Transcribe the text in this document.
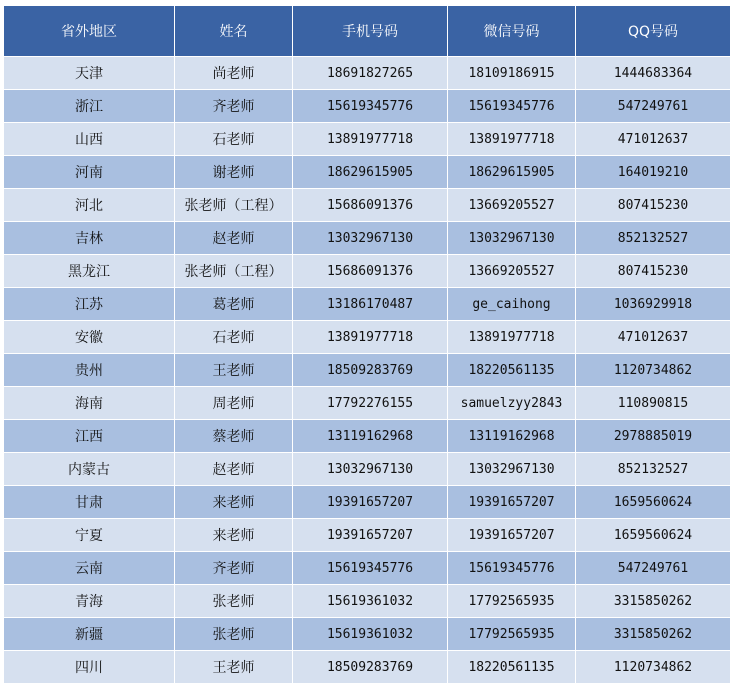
省外地区	姓名	手机号码	微信号码	QQ号码
天津	尚老师	18691827265	18109186915	1444683364
浙江	齐老师	15619345776	15619345776	547249761
山西	石老师	13891977718	13891977718	471012637
河南	谢老师	18629615905	18629615905	164019210
河北	张老师（工程）	15686091376	13669205527	807415230
吉林	赵老师	13032967130	13032967130	852132527
黑龙江	张老师（工程）	15686091376	13669205527	807415230
江苏	葛老师	13186170487	ge_caihong	1036929918
安徽	石老师	13891977718	13891977718	471012637
贵州	王老师	18509283769	18220561135	1120734862
海南	周老师	17792276155	samuelzyy2843	110890815
江西	蔡老师	13119162968	13119162968	2978885019
内蒙古	赵老师	13032967130	13032967130	852132527
甘肃	来老师	19391657207	19391657207	1659560624
宁夏	来老师	19391657207	19391657207	1659560624
云南	齐老师	15619345776	15619345776	547249761
青海	张老师	15619361032	17792565935	3315850262
新疆	张老师	15619361032	17792565935	3315850262
四川	王老师	18509283769	18220561135	1120734862
